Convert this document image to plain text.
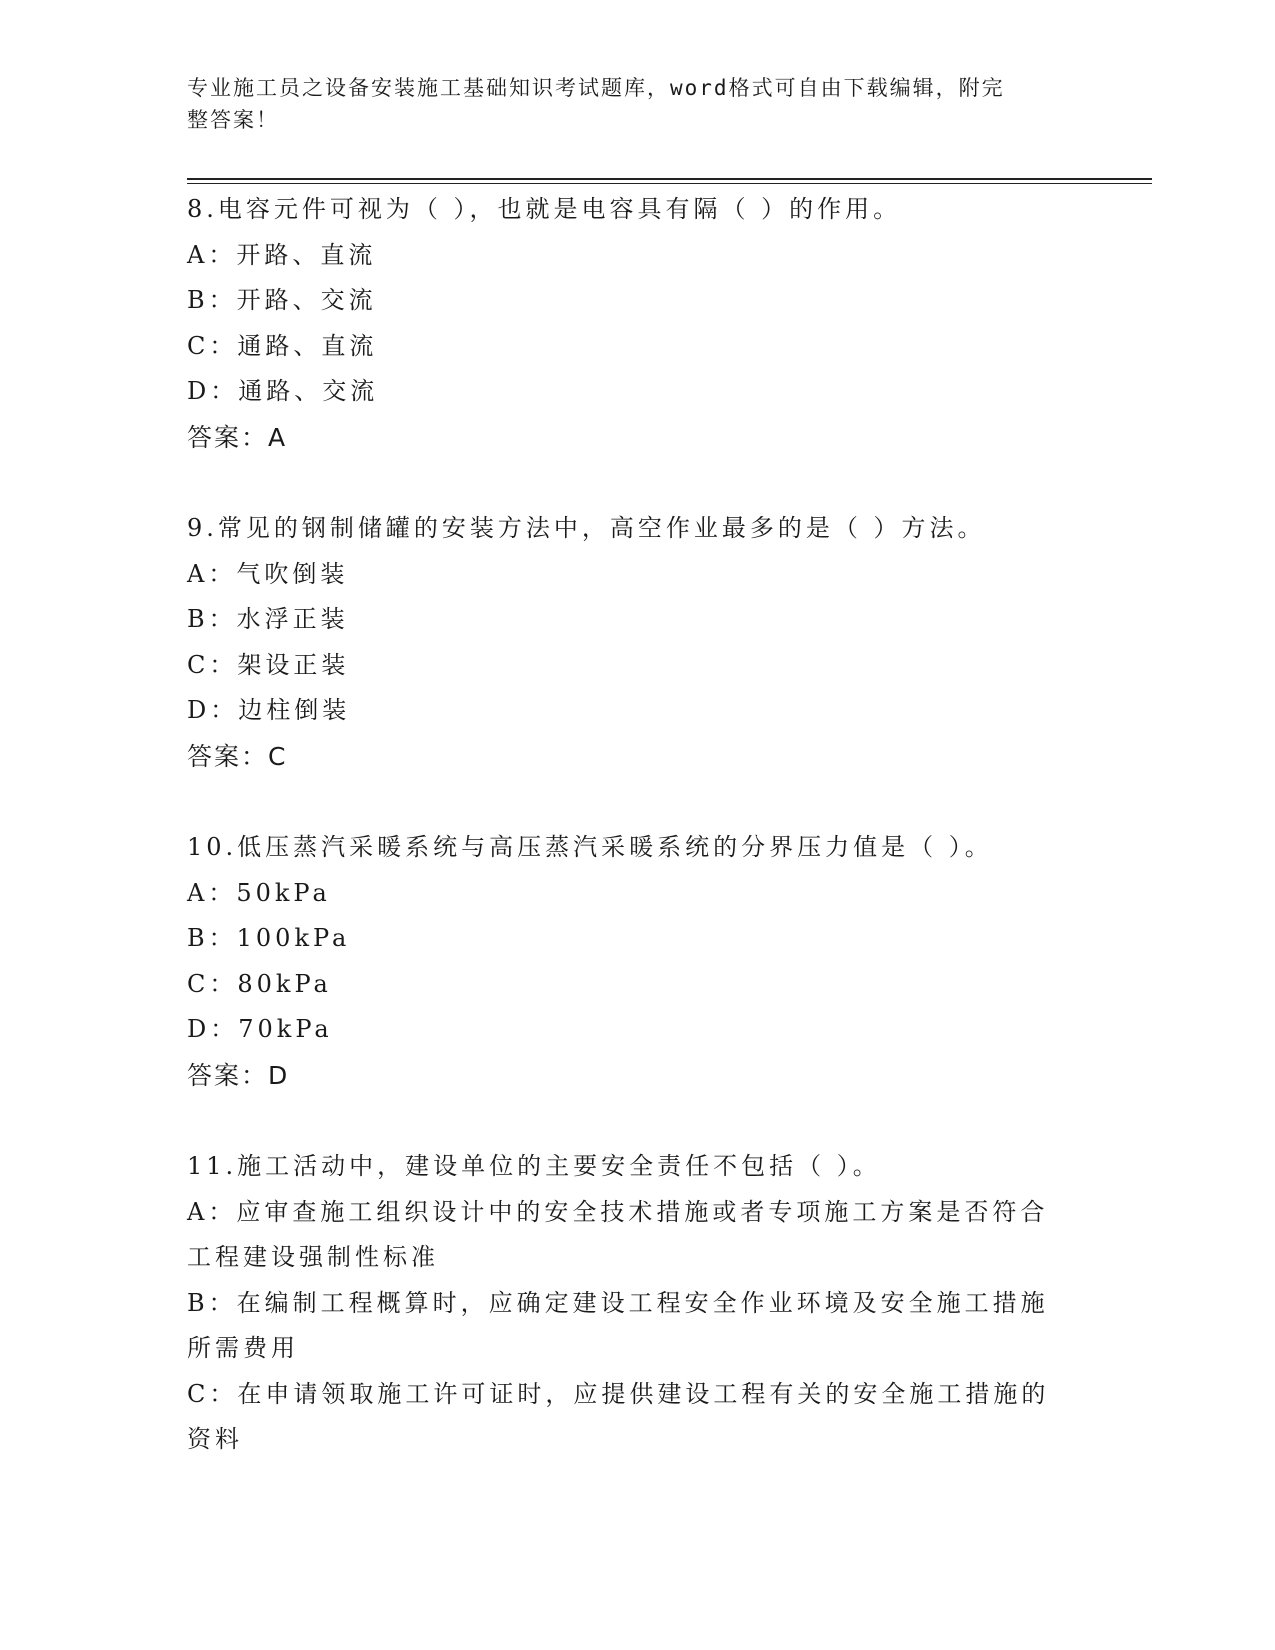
专业施工员之设备安装施工基础知识考试题库，word格式可自由下载编辑，附完
整答案！
8.电容元件可视为（ ），也就是电容具有隔（ ）的作用。
A：开路、直流
B：开路、交流
C：通路、直流
D：通路、交流
答案：A
9.常见的钢制储罐的安装方法中，高空作业最多的是（ ）方法。
A：气吹倒装
B：水浮正装
C：架设正装
D：边柱倒装
答案：C
10.低压蒸汽采暖系统与高压蒸汽采暖系统的分界压力值是（ ）。
A：50kPa
B：100kPa
C：80kPa
D：70kPa
答案：D
11.施工活动中，建设单位的主要安全责任不包括（ ）。
A：应审查施工组织设计中的安全技术措施或者专项施工方案是否符合工程建设强制性标准
B：在编制工程概算时，应确定建设工程安全作业环境及安全施工措施所需费用
C：在申请领取施工许可证时，应提供建设工程有关的安全施工措施的资料
